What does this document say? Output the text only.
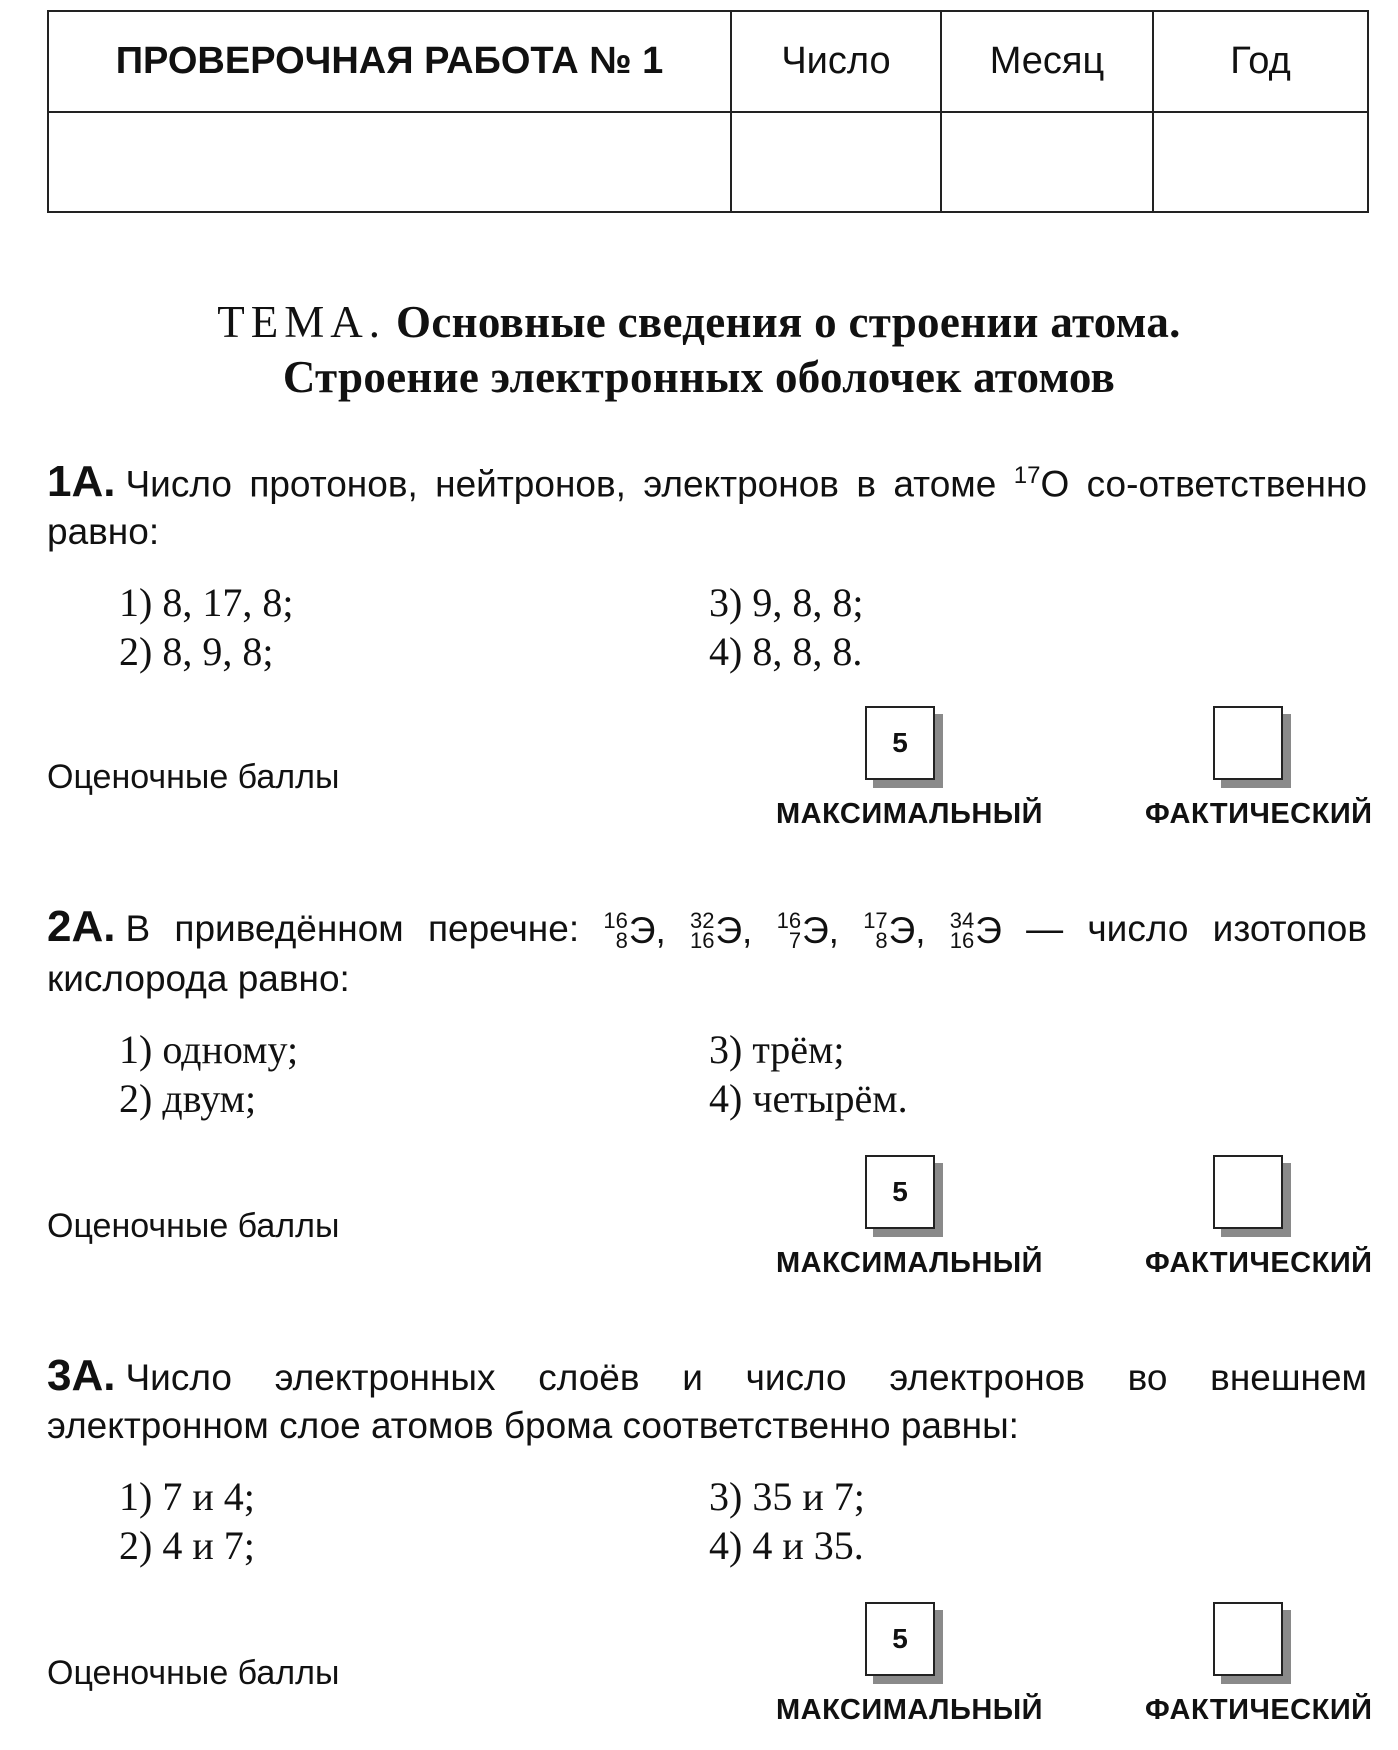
ПРОВЕРОЧНАЯ РАБОТА № 1	Число	Месяц	Год
ТЕМА. Основные сведения о строении атома.
Строение электронных оболочек атомов
1А. Число протонов, нейтронов, электронов в атоме $^{17}$О со-ответственно равно:
1) 8, 17, 8;	3) 9, 8, 8;
2) 8, 9, 8;	4) 8, 8, 8.
Оценочные баллы
5
МАКСИМАЛЬНЫЙ	ФАКТИЧЕСКИЙ
2А. В приведённом перечне: 16
8 Э ,
32
16 Э ,
16
7 Э ,
17
8 Э ,
34
16 Э — число изотопов кислорода равно:
1) одному;	3) трём;
2) двум;	4) четырём.
Оценочные баллы
5
МАКСИМАЛЬНЫЙ	ФАКТИЧЕСКИЙ
3А. Число электронных слоёв и число электронов во внешнем электронном слое атомов брома соответственно равны:
1) 7 и 4;	3) 35 и 7;
2) 4 и 7;	4) 4 и 35.
Оценочные баллы
5
МАКСИМАЛЬНЫЙ	ФАКТИЧЕСКИЙ
